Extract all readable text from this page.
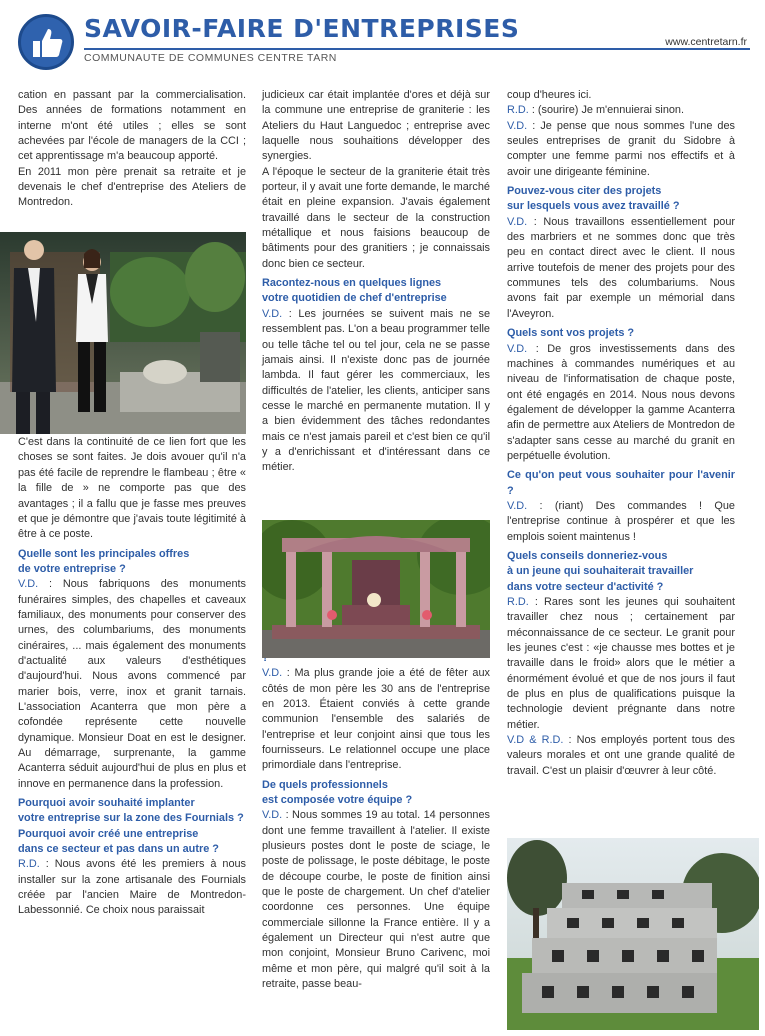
SAVOIR-FAIRE D'ENTREPRISES
COMMUNAUTE DE COMMUNES CENTRE TARN
www.centretarn.fr

cation en passant par la commercialisation. Des années de formations notamment en interne m'ont été utiles ; elles se sont achevées par l'école de managers de la CCI ; cet apprentissage m'a beaucoup apporté.

En 2011 mon père prenait sa retraite et je devenais le chef d'entreprise des Ateliers de Montredon.

C'est dans la continuité de ce lien fort que les choses se sont faites. Je dois avouer qu'il n'a pas été facile de reprendre le flambeau ; être « la fille de » ne comporte pas que des avantages ; il a fallu que je fasse mes preuves et que je démontre que j'avais toute légitimité à être à ce poste.

Quelle sont les principales offres

de votre entreprise ?

V.D. : Nous fabriquons des monuments funéraires simples, des chapelles et caveaux familiaux, des monuments pour conserver des urnes, des columbariums, des monuments cinéraires, ... mais également des monuments d'actualité aux valeurs d'esthétiques d'aujourd'hui. Nous avons commencé par marier bois, verre, inox et granit tarnais. L'association Acanterra que mon père a cofondée représente cette nouvelle dynamique. Monsieur Doat en est le designer. Au démarrage, surprenante, la gamme Acanterra séduit aujourd'hui de plus en plus et innove en permanence dans la profession.

Pourquoi avoir souhaité implanter

votre entreprise sur la zone des Fournials ?

Pourquoi avoir créé une entreprise

dans ce secteur et pas dans un autre ?

R.D. : Nous avons été les premiers à nous installer sur la zone artisanale des Fournials créée par l'ancien Maire de Montredon-Labessonnié. Ce choix nous paraissait

judicieux car était implantée d'ores et déjà sur la commune une entreprise de graniterie : les Ateliers du Haut Languedoc ; entreprise avec laquelle nous souhaitions développer des synergies.

A l'époque le secteur de la graniterie était très porteur, il y avait une forte demande, le marché était en pleine expansion. J'avais également travaillé dans le secteur de la construction métallique et nous faisions beaucoup de bâtiments pour des granitiers ; je connaissais donc bien ce secteur.

Racontez-nous en quelques lignes

votre quotidien de chef d'entreprise

V.D. : Les journées se suivent mais ne se ressemblent pas. L'on a beau programmer telle ou telle tâche tel ou tel jour, cela ne se passe jamais ainsi. Il n'existe donc pas de journée lambda. Il faut gérer les commerciaux, les difficultés de l'atelier, les clients, anticiper sans cesse le marché en permanente mutation. Il y a bien évidemment des tâches redondantes mais ce n'est jamais pareil et c'est bien ce qu'il y a d'enrichissant et d'intéressant dans ce métier.

V.D. : Ma plus grande joie a été de fêter aux côtés de mon père les 30 ans de l'entreprise en 2013. Étaient conviés à cette grande communion l'ensemble des salariés de l'entreprise et leur conjoint ainsi que tous les fournisseurs. Le relationnel occupe une place primordiale dans l'entreprise.

De quels professionnels

est composée votre équipe ?

V.D. : Nous sommes 19 au total. 14 personnes dont une femme travaillent à l'atelier. Il existe plusieurs postes dont le poste de sciage, le poste de polissage, le poste débitage, le poste de découpe courbe, le poste de finition ainsi que le poste de chargement. Un chef d'atelier coordonne ces personnes. Une équipe commerciale sillonne la France entière. Il y a également un Directeur qui n'est autre que mon conjoint, Monsieur Bruno Carivenc, moi même et mon père, qui malgré qu'il soit à la retraite, passe beau-

coup d'heures ici.

R.D. : (sourire) Je m'ennuierai sinon.

V.D. : Je pense que nous sommes l'une des seules entreprises de granit du Sidobre à compter une femme parmi nos effectifs et à avoir une dirigeante féminine.

Pouvez-vous citer des projets

sur lesquels vous avez travaillé ?

V.D. : Nous travaillons essentiellement pour des marbriers et ne sommes donc que très peu en contact direct avec le client. Il nous arrive toutefois de mener des projets pour des communes tels des columbariums. Nous avons fait par exemple un mémorial dans l'Aveyron.

Quels sont vos projets ?

V.D. : De gros investissements dans des machines à commandes numériques et au niveau de l'informatisation de chaque poste, ont été engagés en 2014. Nous nous devons également de développer la gamme Acanterra afin de permettre aux Ateliers de Montredon de s'adapter sans cesse au marché du granit en perpétuelle évolution.

Ce qu'on peut vous souhaiter pour l'avenir ?

V.D. : (riant) Des commandes ! Que l'entreprise continue à prospérer et que les emplois soient maintenus !

Quels conseils donneriez-vous

à un jeune qui souhaiterait travailler

dans votre secteur d'activité ?

R.D. : Rares sont les jeunes qui souhaitent travailler chez nous ; certainement par méconnaissance de ce secteur. Le granit pour les jeunes c'est : «je chausse mes bottes et je travaille dans le froid» alors que le métier a énormément évolué et que de nos jours il faut de plus en plus de qualifications puisque la technologie devient prégnante dans notre métier.

V.D & R.D. : Nos employés portent tous des valeurs morales et ont une grande qualité de travail. C'est un plaisir d'œuvrer à leur côté.
